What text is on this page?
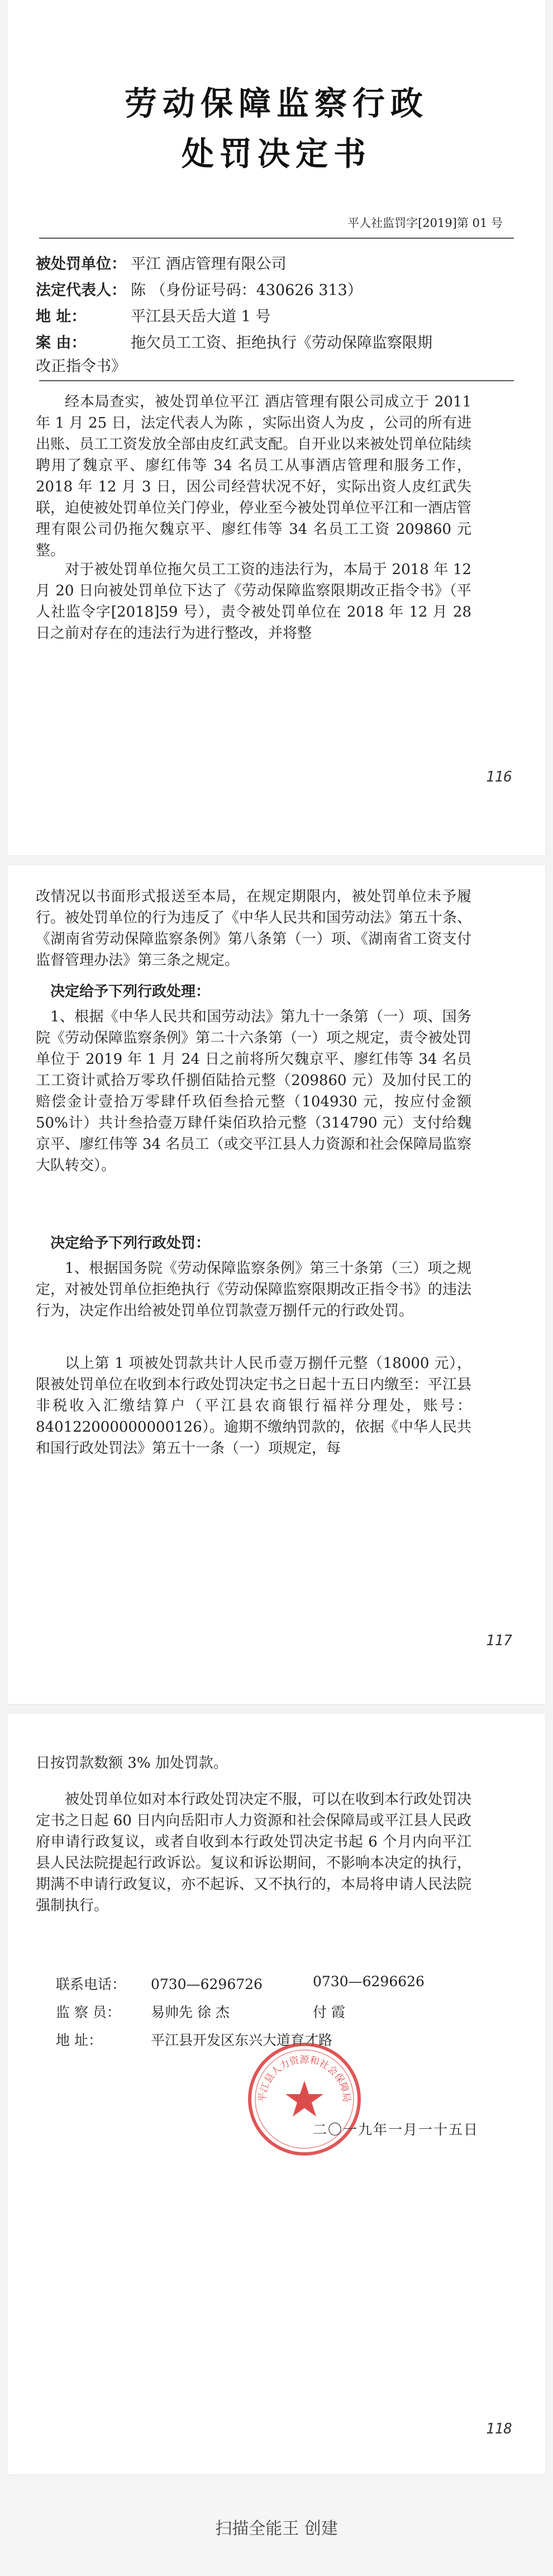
劳动保障监察行政
处罚决定书
平人社监罚字[2019]第 01 号
被处罚单位： 平江 酒店管理有限公司
法定代表人： 陈 （身份证号码：430626 313）
地 址：	平江县天岳大道 1 号
案 由：	拖欠员工工资、拒绝执行《劳动保障监察限期
改正指令书》
经本局查实，被处罚单位平江 酒店管理有限公司成立于 2011 年 1 月 25 日，法定代表人为陈 ，实际出资人为皮 ，公司的所有进出账、员工工资发放全部由皮红武支配。自开业以来被处罚单位陆续聘用了魏京平、廖红伟等 34 名员工从事酒店管理和服务工作，2018 年 12 月 3 日，因公司经营状况不好，实际出资人皮红武失联，迫使被处罚单位关门停业，停业至今被处罚单位平江和一酒店管理有限公司仍拖欠魏京平、廖红伟等 34 名员工工资 209860 元整。
对于被处罚单位拖欠员工工资的违法行为，本局于 2018 年 12 月 20 日向被处罚单位下达了《劳动保障监察限期改正指令书》（平人社监令字[2018]59 号），责令被处罚单位在 2018 年 12 月 28 日之前对存在的违法行为进行整改，并将整
116
改情况以书面形式报送至本局，在规定期限内，被处罚单位未予履行。被处罚单位的行为违反了《中华人民共和国劳动法》第五十条、《湖南省劳动保障监察条例》第八条第（一）项、《湖南省工资支付监督管理办法》第三条之规定。
决定给予下列行政处理：
1、根据《中华人民共和国劳动法》第九十一条第（一）项、国务院《劳动保障监察条例》第二十六条第（一）项之规定，责令被处罚单位于 2019 年 1 月 24 日之前将所欠魏京平、廖红伟等 34 名员工工资计贰拾万零玖仟捌佰陆拾元整（209860 元）及加付民工的赔偿金计壹拾万零肆仟玖佰叁拾元整（104930 元，按应付金额 50%计）共计叁拾壹万肆仟柒佰玖拾元整（314790 元）支付给魏京平、廖红伟等 34 名员工（或交平江县人力资源和社会保障局监察大队转交）。
决定给予下列行政处罚：
1、根据国务院《劳动保障监察条例》第三十条第（三）项之规定，对被处罚单位拒绝执行《劳动保障监察限期改正指令书》的违法行为，决定作出给被处罚单位罚款壹万捌仟元的行政处罚。
以上第 1 项被处罚款共计人民币壹万捌仟元整（18000 元），限被处罚单位在收到本行政处罚决定书之日起十五日内缴至：平江县非税收入汇缴结算户（平江县农商银行福祥分理处，账号：840122000000000126）。逾期不缴纳罚款的，依据《中华人民共和国行政处罚法》第五十一条（一）项规定，每
117
日按罚款数额 3% 加处罚款。
被处罚单位如对本行政处罚决定不服，可以在收到本行政处罚决定书之日起 60 日内向岳阳市人力资源和社会保障局或平江县人民政府申请行政复议，或者自收到本行政处罚决定书起 6 个月内向平江县人民法院提起行政诉讼。复议和诉讼期间，不影响本决定的执行，期满不申请行政复议，亦不起诉、又不执行的，本局将申请人民法院强制执行。
联系电话： 0730—6296726	0730—6296626
监 察 员： 易帅先 徐 杰	付 霞
地 址：	平江县开发区东兴大道育才路
平江县人力资源和社会保障局
二〇一九年一月一十五日
118
扫描全能王 创建
